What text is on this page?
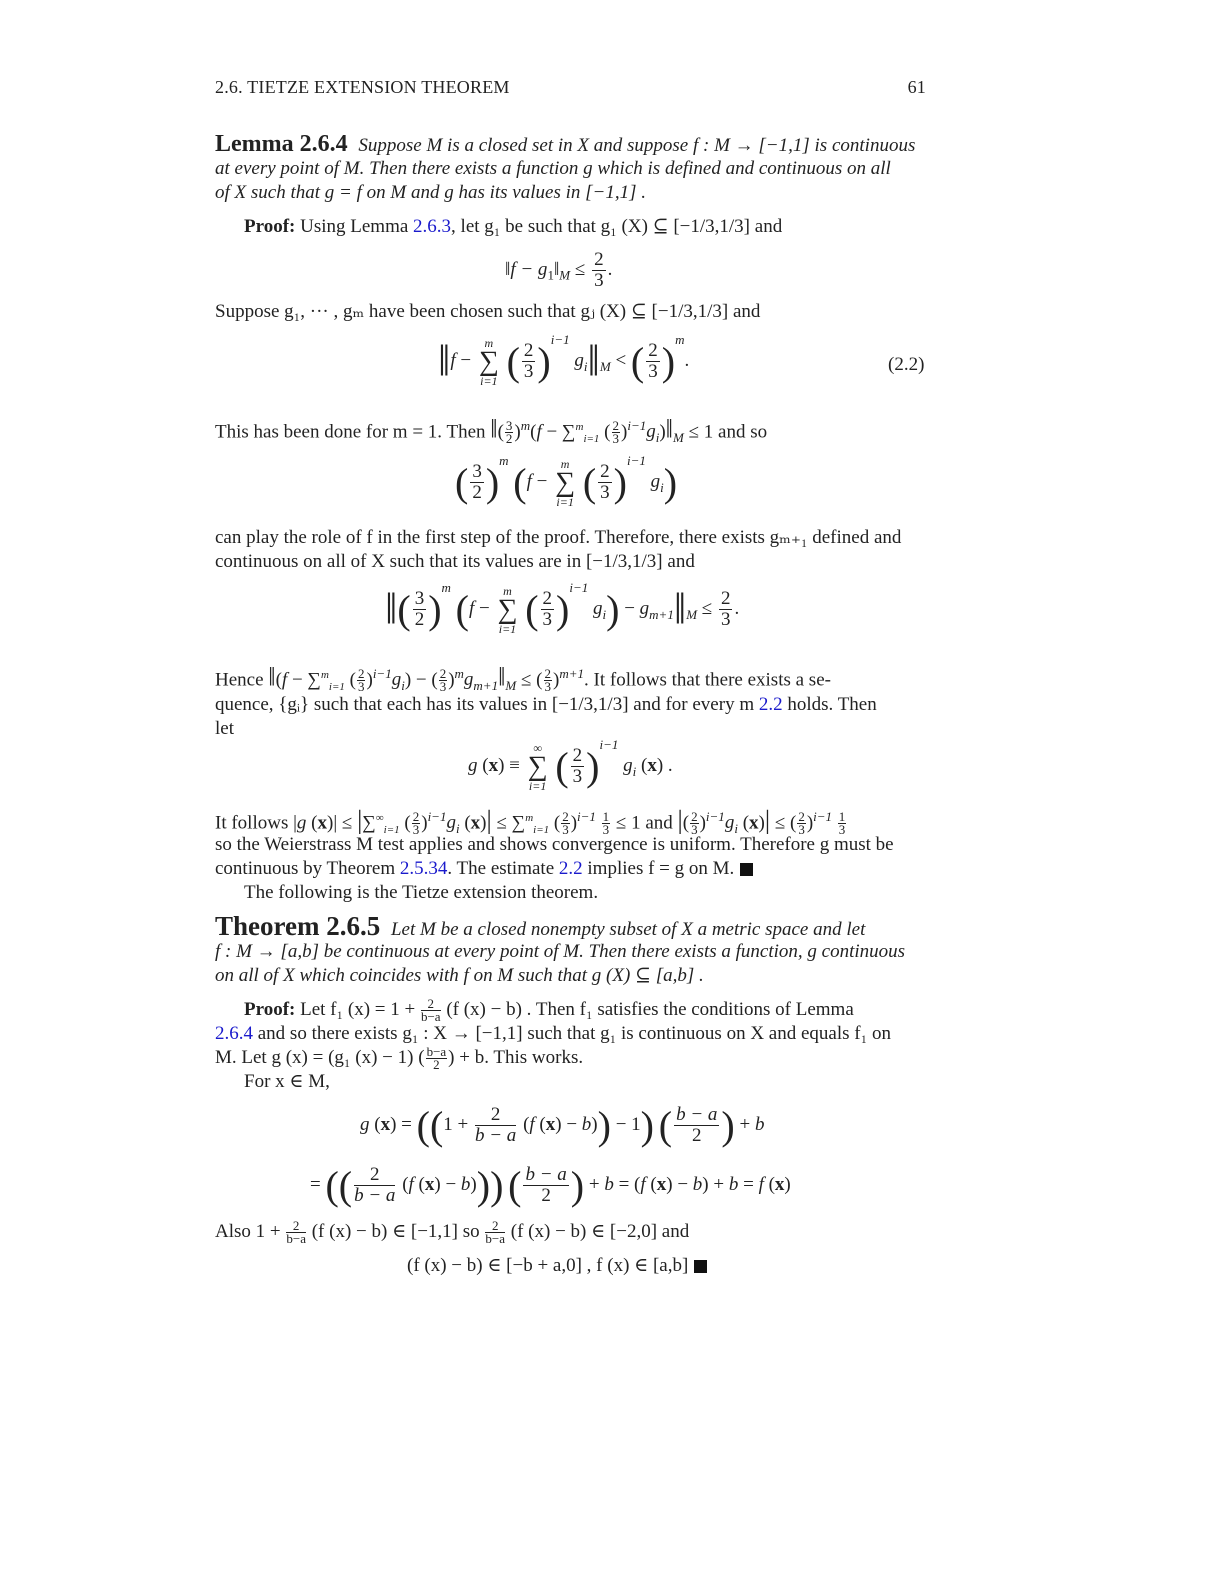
2.6. TIETZE EXTENSION THEOREM	61
Lemma 2.6.4 Suppose M is a closed set in X and suppose f : M → [−1,1] is continuous
at every point of M. Then there exists a function g which is defined and continuous on all
of X such that g = f on M and g has its values in [−1,1] .
Proof: Using Lemma 2.6.3, let g₁ be such that g₁ (X) ⊆ [−1/3,1/3] and
‖f − $g_1‖_M \le \frac{2}{3}$ .
Suppose g₁, ··· , gₘ have been chosen such that gⱼ (X) ⊆ [−1/3,1/3] and
‖f −
m
∑
i=1 ( $\frac{2}{3} )^{i-1}$ $g_i‖_M$ < ( $\frac{2}{3} )^m$.	(2.2)
This has been done for m = 1. Then ‖( $\frac{3}{2} )^m(f - \sum^m_{i=1}$ ( $\frac{2}{3}$ )$^{i-1}g_i)‖_M \le 1$ and so
( $\frac{3}{2} )^m$ (f −
m
∑
i=1 ( $\frac{2}{3} )^{i-1}$ $g_i$)
can play the role of f in the first step of the proof. Therefore, there exists gₘ₊₁ defined and
continuous on all of X such that its values are in [−1/3,1/3] and
‖( $\frac{3}{2} )^m$ (f −
m
∑
i=1 ( $\frac{2}{3} )^{i-1}$ $g_i$) − $g_{m+1}‖_M \le \frac{2}{3}$ .
Hence ‖(f − ∑$^m_{i=1}$ ( $\frac{2}{3} )^{i-1}g_i$) − ( $\frac{2}{3}$ )$^mg_{m+1}‖_M$ ≤ ( $\frac{2}{3} )^{m+1}$. It follows that there exists a se-
quence, {gᵢ} such that each has its values in [−1/3,1/3] and for every m 2.2 holds. Then
let
g (x) ≡
∞
∑
i=1 ( $\frac{2}{3} )^{i-1}$ $g_i$ (x) .
It follows |g $(x)| \le |\sum^\infty_{i=1}$ ( $\frac{2}{3} )^{i-1}g_i$ (x)| ≤ ∑$^m_{i=1}$ ( $\frac{2}{3} )^{i-1} \frac{1}{3} \le 1$ and |( $\frac{2}{3} )^{i-1}g_i$ (x)| ≤ ( $\frac{2}{3} )^{i-1} \frac{1}{3}$
so the Weierstrass M test applies and shows convergence is uniform. Therefore g must be
continuous by Theorem 2.5.34. The estimate 2.2 implies f = g on M.
The following is the Tietze extension theorem.
Theorem 2.6.5 Let M be a closed nonempty subset of X a metric space and let
f : M → [a,b] be continuous at every point of M. Then there exists a function, g continuous
on all of X which coincides with f on M such that g (X) ⊆ [a,b] .
Proof: Let f₁ $(x) = 1 + \frac{2}{b-a} (f$ (x) − b) . Then f₁ satisfies the conditions of Lemma
2.6.4 and so there exists g₁ : X → [−1,1] such that g₁ is continuous on X and equals f₁ on
M. Let g (x) = (g₁ (x) − 1) ( $\frac{b-a}{2}$ ) + b. This works.
For x ∈ M,
g $(x) = ((1 + \frac{2}{b - a} (f$ (x) − b)) − 1) ( $\frac{b - a}{2}$ ) + b
= (( $\frac{2}{b - a} (f$ (x) − b))) ( $\frac{b - a}{2}$ ) + b = (f (x) − b) + b = f (x)
Also $1 + \frac{2}{b-a} (f$ (x) − b) ∈ [−1,1] so $\frac{2}{b-a} (f$ (x) − b) ∈ [−2,0] and
(f (x) − b) ∈ [−b + a,0] , f (x) ∈ [a,b]
